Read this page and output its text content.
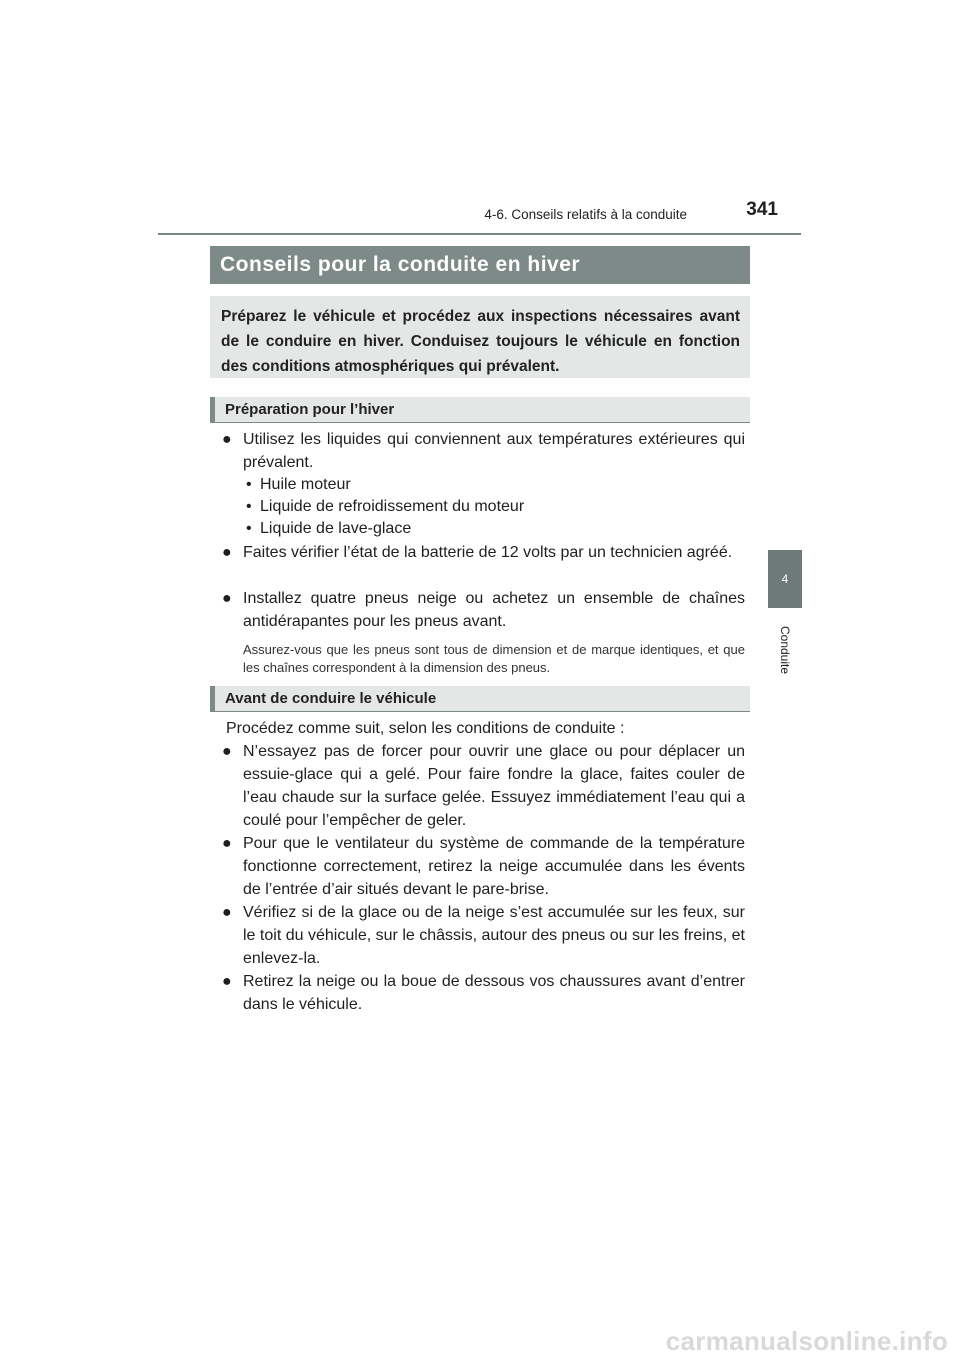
4-6. Conseils relatifs à la conduite	341
4
Conduite
Conseils pour la conduite en hiver
Préparez le véhicule et procédez aux inspections nécessaires avant de le conduire en hiver. Conduisez toujours le véhicule en fonction des conditions atmosphériques qui prévalent.
Préparation pour l’hiver
● Utilisez les liquides qui conviennent aux températures extérieures qui prévalent.
• Huile moteur
• Liquide de refroidissement du moteur
• Liquide de lave-glace
● Faites vérifier l’état de la batterie de 12 volts par un technicien agréé.
● Installez quatre pneus neige ou achetez un ensemble de chaînes antidérapantes pour les pneus avant.
Assurez-vous que les pneus sont tous de dimension et de marque identiques, et que les chaînes correspondent à la dimension des pneus.
Avant de conduire le véhicule
Procédez comme suit, selon les conditions de conduite :
● N’essayez pas de forcer pour ouvrir une glace ou pour déplacer un essuie-glace qui a gelé. Pour faire fondre la glace, faites couler de l’eau chaude sur la surface gelée. Essuyez immédiatement l’eau qui a coulé pour l’empêcher de geler.
● Pour que le ventilateur du système de commande de la température fonctionne correctement, retirez la neige accumulée dans les évents de l’entrée d’air situés devant le pare-brise.
● Vérifiez si de la glace ou de la neige s’est accumulée sur les feux, sur le toit du véhicule, sur le châssis, autour des pneus ou sur les freins, et enlevez-la.
● Retirez la neige ou la boue de dessous vos chaussures avant d’entrer dans le véhicule.
carmanualsonline.info
